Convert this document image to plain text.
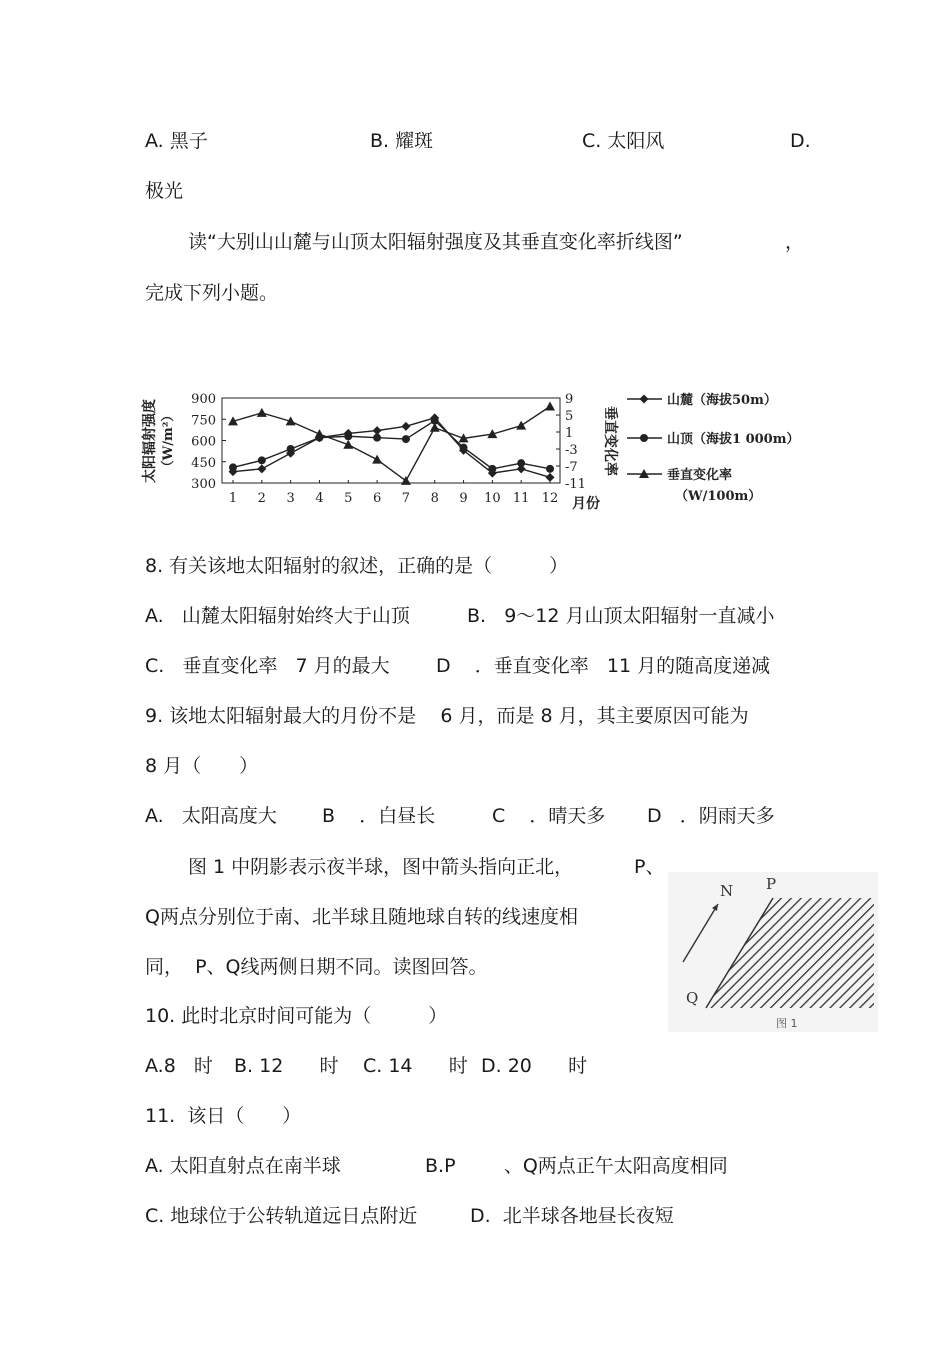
A. 黑子	B. 耀斑	C. 太阳风	D.
极光
读“大别山山麓与山顶太阳辐射强度及其垂直变化率折线图”	，
完成下列小题。
900
750
600
450
300
9
5
1
-3
-7
-11
1 2 3 4 5 6 7 8 9 10 11 12 月份
太阳辐射强度 （W/m²）	垂直变化率
山麓（海拔50m）
山顶（海拔1 000m）
垂直变化率
（W/100m）
8. 有关该地太阳辐射的叙述，正确的是（　　　）
A.   山麓太阳辐射始终大于山顶	B.   9～12 月山顶太阳辐射一直减小
C.   垂直变化率   7 月的最大 D    ．垂直变化率   11 月的随高度递减
9. 该地太阳辐射最大的月份不是    6 月，而是 8 月，其主要原因可能为
8 月（　　）
A.   太阳高度大 B    ．白昼长	C    ．晴天多 D   ．阴雨天多
图 1 中阴影表示夜半球，图中箭头指向正北，	P、
Q两点分别位于南、北半球且随地球自转的线速度相
同，  P、Q线两侧日期不同。读图回答。
N P
Q
图 1
10. 此时北京时间可能为（　　　）
A.8   时 B. 12      时 C. 14      时 D. 20      时
11.  该日（　　）
A. 太阳直射点在南半球	B.P        、Q两点正午太阳高度相同
C. 地球位于公转轨道远日点附近	D.  北半球各地昼长夜短
